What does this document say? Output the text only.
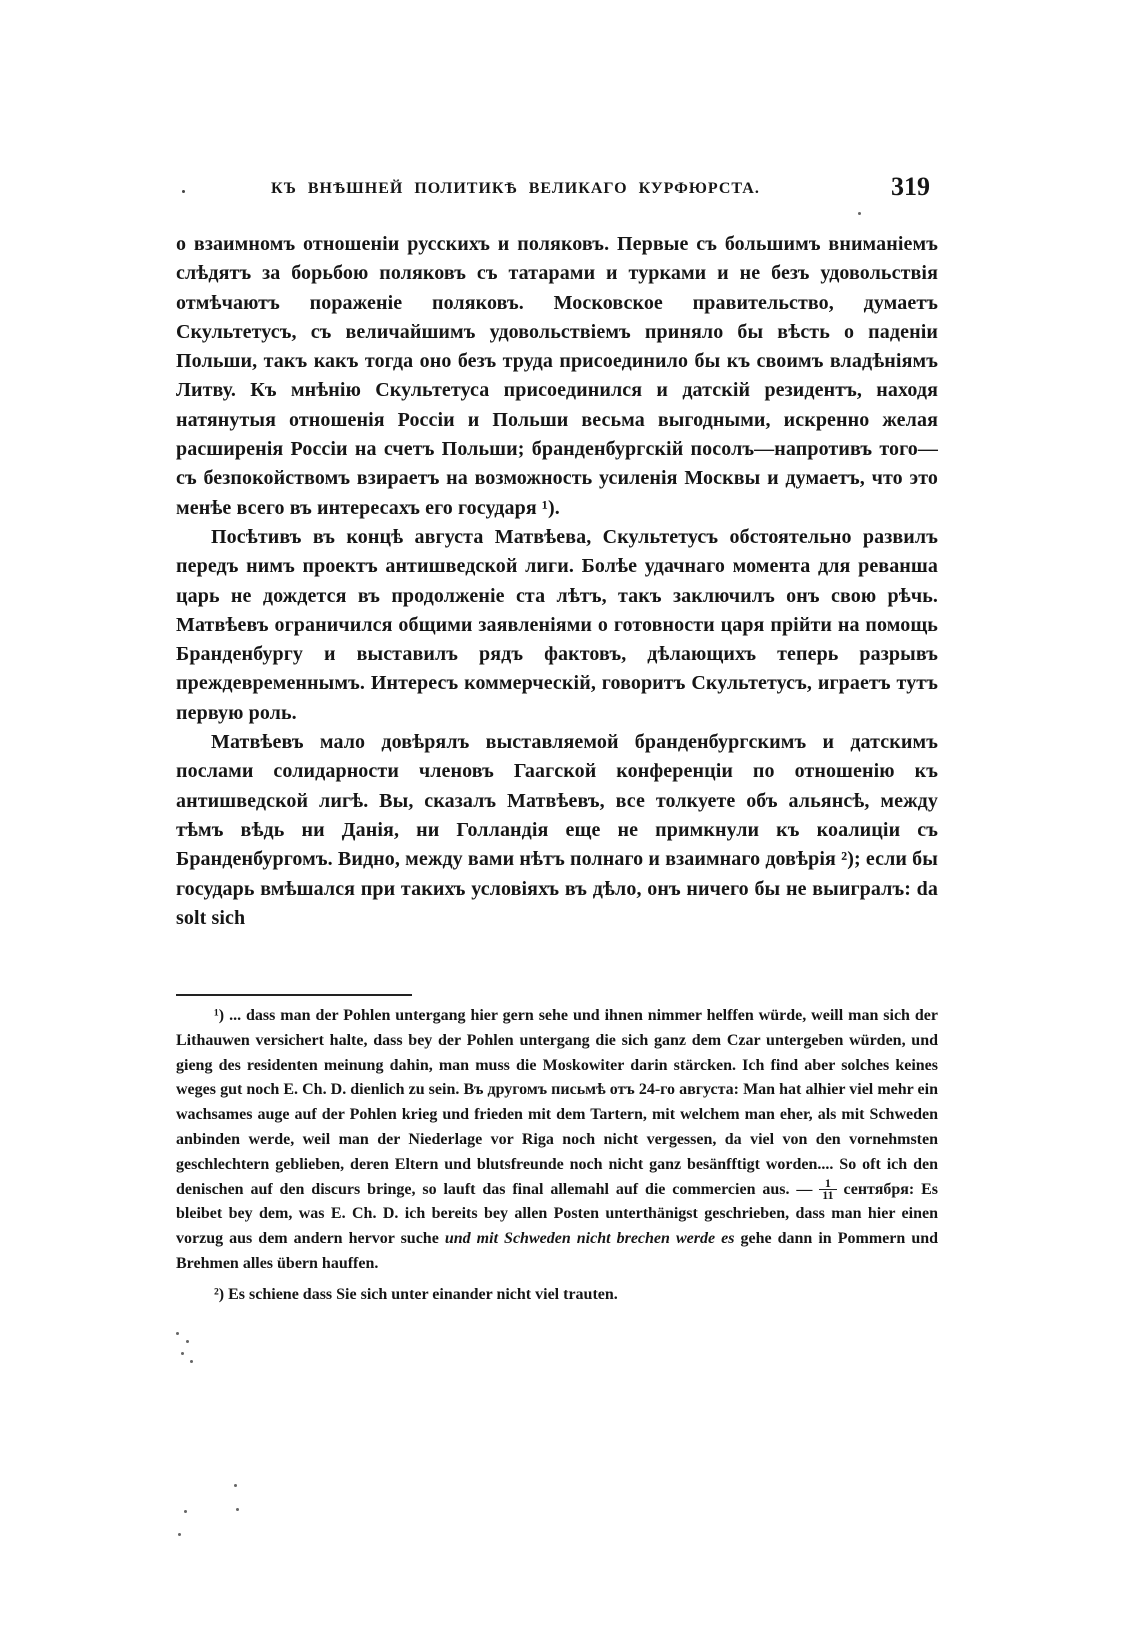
КЪ ВНѢШНЕЙ ПОЛИТИКѢ ВЕЛИКАГО КУРФЮРСТА.	319

о взаимномъ отношеніи русскихъ и поляковъ. Первые съ большимъ вниманіемъ слѣдятъ за борьбою поляковъ съ татарами и турками и не безъ удовольствія отмѣчаютъ пораженіе поляковъ. Московское правительство, думаетъ Скультетусъ, съ величайшимъ удовольствіемъ приняло бы вѣсть о паденіи Польши, такъ какъ тогда оно безъ труда присоединило бы къ своимъ владѣніямъ Литву. Къ мнѣнію Скультетуса присоединился и датскій резидентъ, находя натянутыя отношенія Россіи и Польши весьма выгодными, искренно желая расширенія Россіи на счетъ Польши; бранденбургскій посолъ—напротивъ того—съ безпокойствомъ взираетъ на возможность усиленія Москвы и думаетъ, что это менѣе всего въ интересахъ его государя ¹).

Посѣтивъ въ концѣ августа Матвѣева, Скультетусъ обстоятельно развилъ передъ нимъ проектъ антишведской лиги. Болѣе удачнаго момента для реванша царь не дождется въ продолженіе ста лѣтъ, такъ заключилъ онъ свою рѣчь. Матвѣевъ ограничился общими заявленіями о готовности царя прійти на помощь Бранденбургу и выставилъ рядъ фактовъ, дѣлающихъ теперь разрывъ преждевременнымъ. Интересъ коммерческій, говоритъ Скультетусъ, играетъ тутъ первую роль.

Матвѣевъ мало довѣрялъ выставляемой бранденбургскимъ и датскимъ послами солидарности членовъ Гаагской конференціи по отношенію къ антишведской лигѣ. Вы, сказалъ Матвѣевъ, все толкуете объ альянсѣ, между тѣмъ вѣдь ни Данія, ни Голландія еще не примкнули къ коалиціи съ Бранденбургомъ. Видно, между вами нѣтъ полнаго и взаимнаго довѣрія ²); если бы государь вмѣшался при такихъ условіяхъ въ дѣло, онъ ничего бы не выигралъ: da solt sich

¹) ... dass man der Pohlen untergang hier gern sehe und ihnen nimmer helffen würde, weill man sich der Lithauwen versichert halte, dass bey der Pohlen untergang die sich ganz dem Czar untergeben würden, und gieng des residenten meinung dahin, man muss die Moskowiter darin stärcken. Ich find aber solches keines weges gut noch E. Ch. D. dienlich zu sein. Въ другомъ письмѣ отъ 24-го августа: Man hat alhier viel mehr ein wachsames auge auf der Pohlen krieg und frieden mit dem Tartern, mit welchem man eher, als mit Schweden anbinden werde, weil man der Niederlage vor Riga noch nicht vergessen, da viel von den vornehmsten geschlechtern geblieben, deren Eltern und blutsfreunde noch nicht ganz besänfftigt worden.... So oft ich den denischen auf den discurs bringe, so lauft das final allemahl auf die commercien aus. — $\frac{1}{11}$ сентября: Es bleibet bey dem, was E. Ch. D. ich bereits bey allen Posten unterthänigst geschrieben, dass man hier einen vorzug aus dem andern hervor suche und mit Schweden nicht brechen werde es gehe dann in Pommern und Brehmen alles übern hauffen.

²) Es schiene dass Sie sich unter einander nicht viel trauten.
